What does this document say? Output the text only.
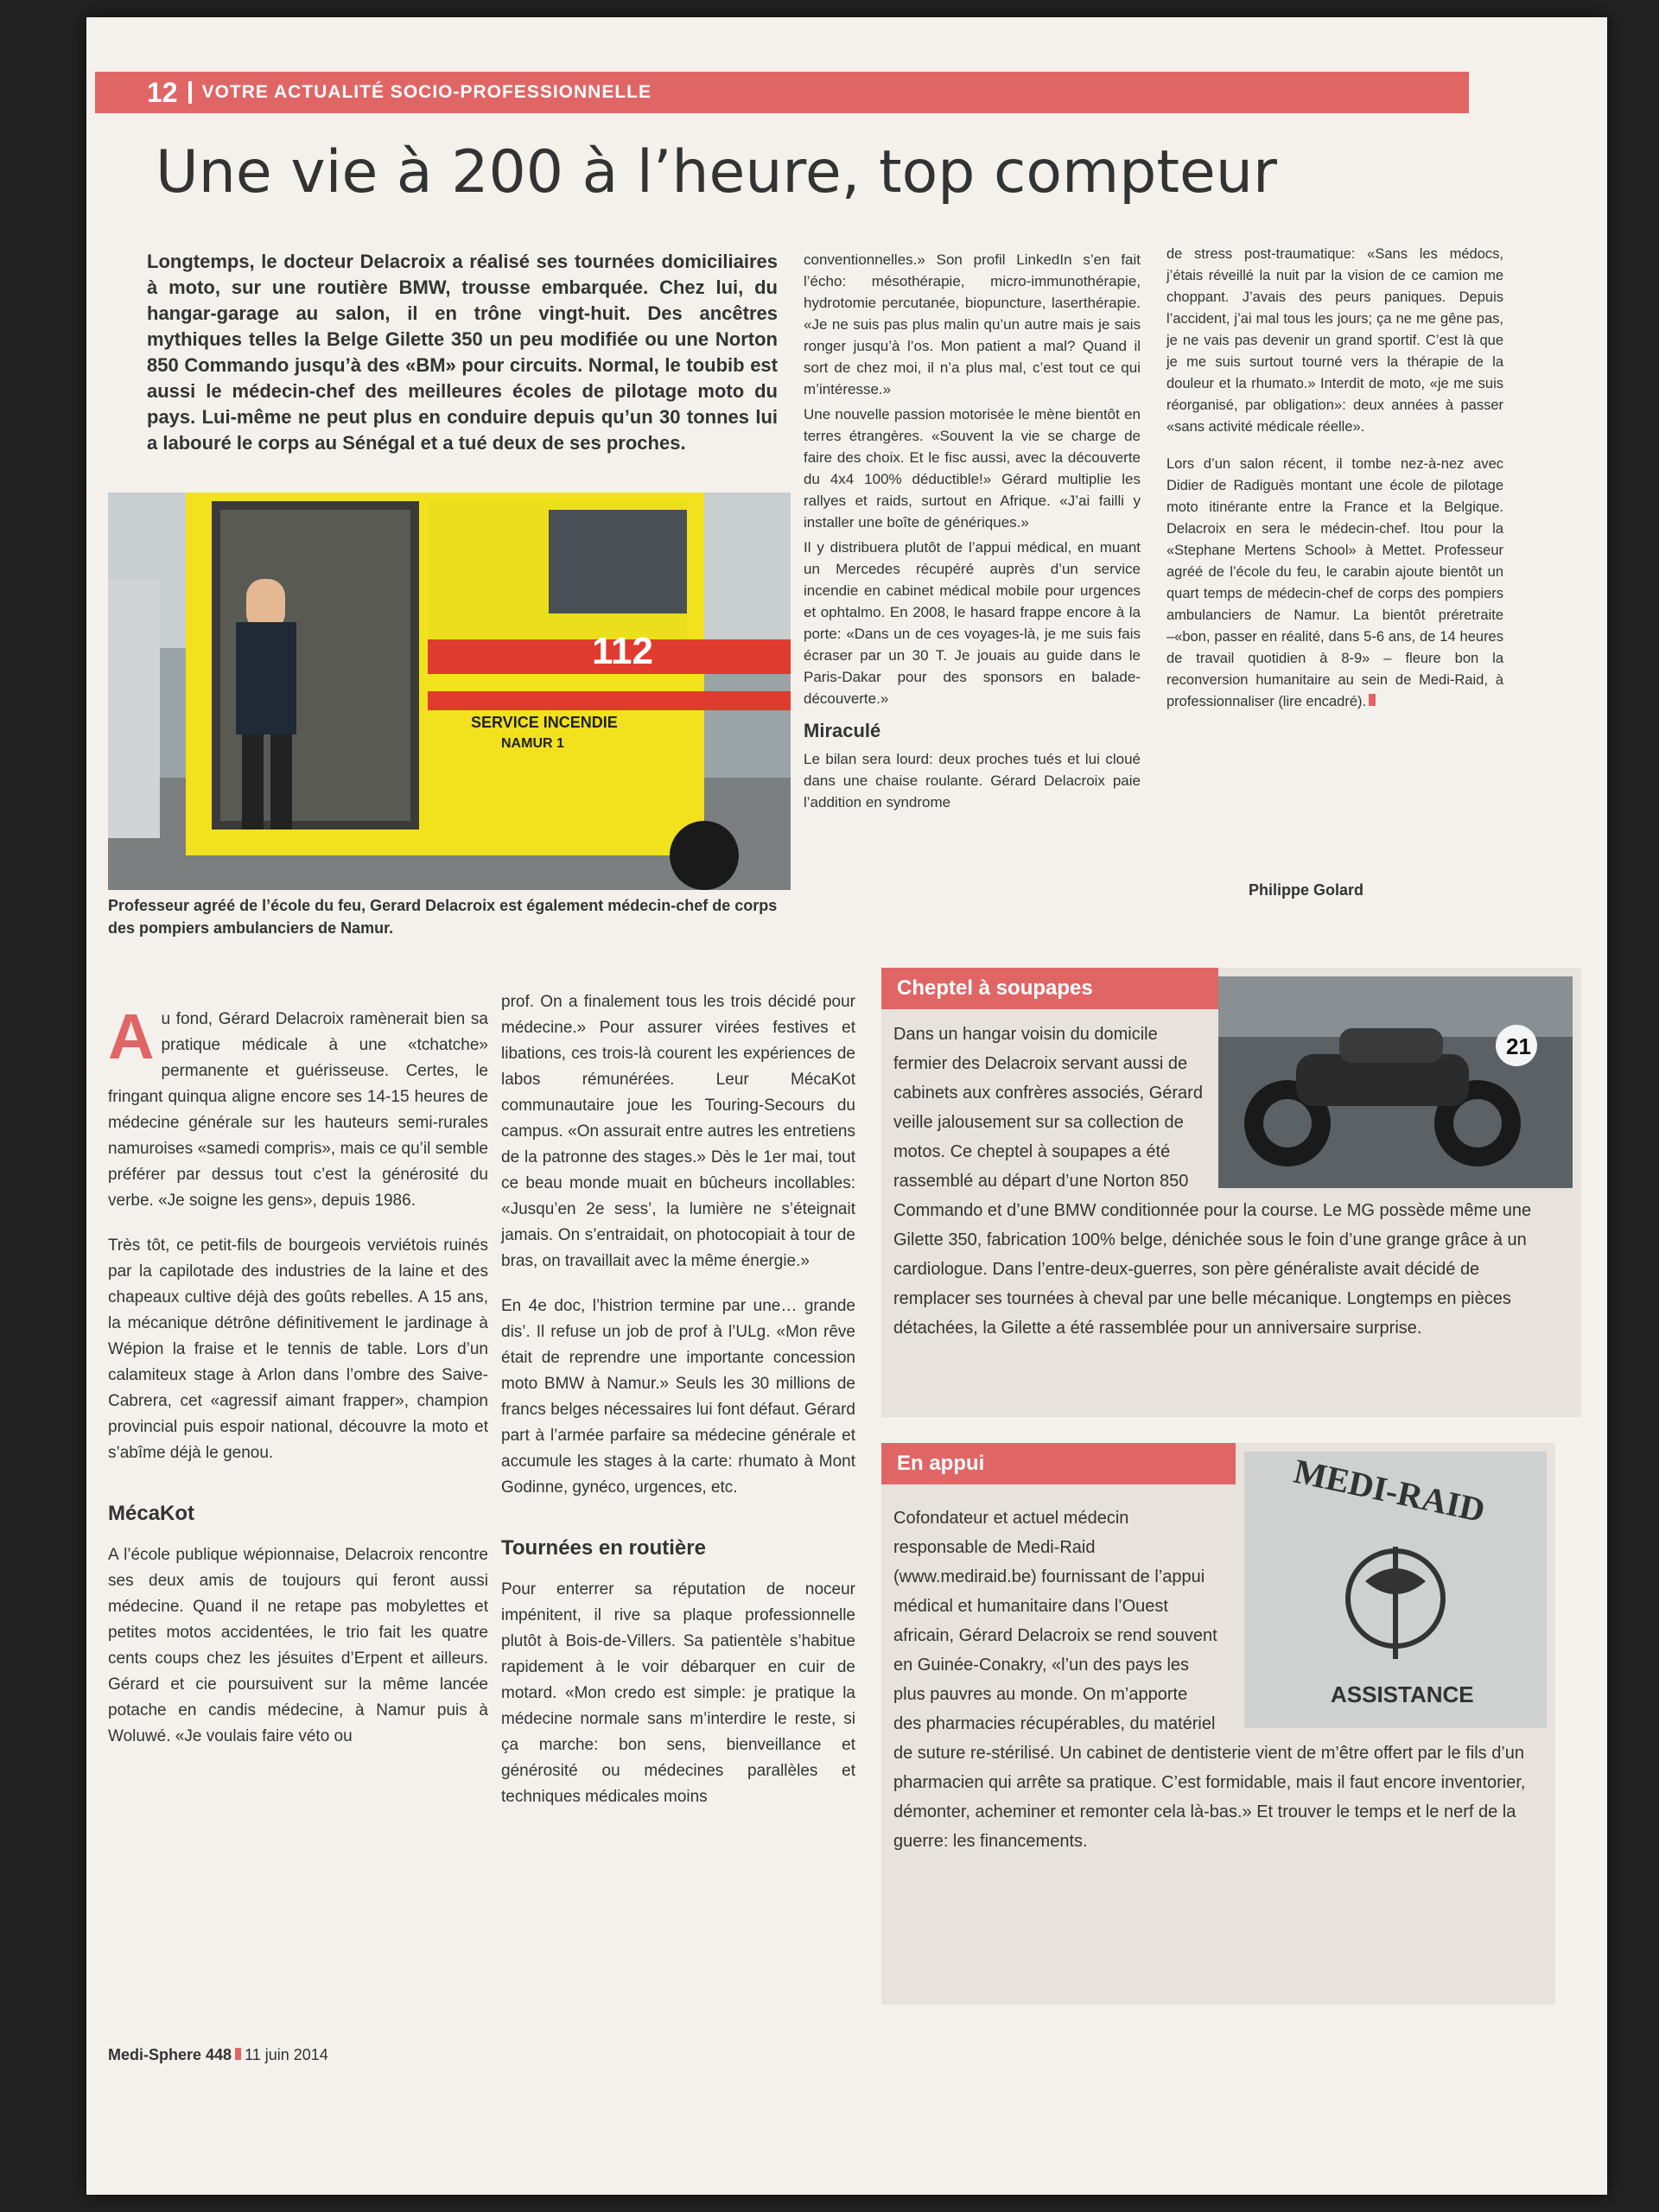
12 VOTRE ACTUALITÉ SOCIO-PROFESSIONNELLE
Une vie à 200 à l’heure, top compteur
Longtemps, le docteur Delacroix a réalisé ses tournées domiciliaires à moto, sur une routière BMW, trousse embarquée. Chez lui, du hangar-garage au salon, il en trône vingt-huit. Des ancêtres mythiques telles la Belge Gilette 350 un peu modifiée ou une Norton 850 Commando jusqu’à des «BM» pour circuits. Normal, le toubib est aussi le médecin-chef des meilleures écoles de pilotage moto du pays. Lui-même ne peut plus en conduire depuis qu’un 30 tonnes lui a labouré le corps au Sénégal et a tué deux de ses proches.
112
SERVICE INCENDIE
NAMUR 1
Professeur agréé de l’école du feu, Gerard Delacroix est également médecin-chef de corps des pompiers ambulanciers de Namur.

conventionnelles.» Son profil LinkedIn s’en fait l’écho: mésothérapie, micro-immunothérapie, hydrotomie percutanée, biopuncture, laserthérapie. «Je ne suis pas plus malin qu’un autre mais je sais ronger jusqu’à l’os. Mon patient a mal? Quand il sort de chez moi, il n’a plus mal, c’est tout ce qui m’intéresse.»

Une nouvelle passion motorisée le mène bientôt en terres étrangères. «Souvent la vie se charge de faire des choix. Et le fisc aussi, avec la découverte du 4x4 100% déductible!» Gérard multiplie les rallyes et raids, surtout en Afrique. «J’ai failli y installer une boîte de génériques.»

Il y distribuera plutôt de l’appui médical, en muant un Mercedes récupéré auprès d’un service incendie en cabinet médical mobile pour urgences et ophtalmo. En 2008, le hasard frappe encore à la porte: «Dans un de ces voyages-là, je me suis fais écraser par un 30 T. Je jouais au guide dans le Paris-Dakar pour des sponsors en balade-découverte.»

Miraculé

Le bilan sera lourd: deux proches tués et lui cloué dans une chaise roulante. Gérard Delacroix paie l’addition en syndrome

de stress post-traumatique: «Sans les médocs, j’étais réveillé la nuit par la vision de ce camion me choppant. J’avais des peurs paniques. Depuis l’accident, j’ai mal tous les jours; ça ne me gêne pas, je ne vais pas devenir un grand sportif. C’est là que je me suis surtout tourné vers la thérapie de la douleur et la rhumato.» Interdit de moto, «je me suis réorganisé, par obligation»: deux années à passer «sans activité médicale réelle».

Lors d’un salon récent, il tombe nez-à-nez avec Didier de Radiguès montant une école de pilotage moto itinérante entre la France et la Belgique. Delacroix en sera le médecin-chef. Itou pour la «Stephane Mertens School» à Mettet. Professeur agréé de l’école du feu, le carabin ajoute bientôt un quart temps de médecin-chef de corps des pompiers ambulanciers de Namur. La bientôt préretraite –«bon, passer en réalité, dans 5-6 ans, de 14 heures de travail quotidien à 8-9» – fleure bon la reconversion humanitaire au sein de Medi-Raid, à professionnaliser (lire encadré).

Philippe Golard

Au fond, Gérard Delacroix ramènerait bien sa pratique médicale à une «tchatche» permanente et guérisseuse. Certes, le fringant quinqua aligne encore ses 14-15 heures de médecine générale sur les hauteurs semi-rurales namuroises «samedi compris», mais ce qu’il semble préférer par dessus tout c’est la générosité du verbe. «Je soigne les gens», depuis 1986.

Très tôt, ce petit-fils de bourgeois verviétois ruinés par la capilotade des industries de la laine et des chapeaux cultive déjà des goûts rebelles. A 15 ans, la mécanique détrône définitivement le jardinage à Wépion la fraise et le tennis de table. Lors d’un calamiteux stage à Arlon dans l’ombre des Saive-Cabrera, cet «agressif aimant frapper», champion provincial puis espoir national, découvre la moto et s’abîme déjà le genou.

MécaKot

A l’école publique wépionnaise, Delacroix rencontre ses deux amis de toujours qui feront aussi médecine. Quand il ne retape pas mobylettes et petites motos accidentées, le trio fait les quatre cents coups chez les jésuites d’Erpent et ailleurs. Gérard et cie poursuivent sur la même lancée potache en candis médecine, à Namur puis à Woluwé. «Je voulais faire véto ou

prof. On a finalement tous les trois décidé pour médecine.» Pour assurer virées festives et libations, ces trois-là courent les expériences de labos rémunérées. Leur MécaKot communautaire joue les Touring-Secours du campus. «On assurait entre autres les entretiens de la patronne des stages.» Dès le 1er mai, tout ce beau monde muait en bûcheurs incollables: «Jusqu’en 2e sess’, la lumière ne s’éteignait jamais. On s’entraidait, on photocopiait à tour de bras, on travaillait avec la même énergie.»

En 4e doc, l’histrion termine par une… grande dis’. Il refuse un job de prof à l’ULg. «Mon rêve était de reprendre une importante concession moto BMW à Namur.» Seuls les 30 millions de francs belges nécessaires lui font défaut. Gérard part à l’armée parfaire sa médecine générale et accumule les stages à la carte: rhumato à Mont Godinne, gynéco, urgences, etc.

Tournées en routière

Pour enterrer sa réputation de noceur impénitent, il rive sa plaque professionnelle plutôt à Bois-de-Villers. Sa patientèle s’habitue rapidement à le voir débarquer en cuir de motard. «Mon credo est simple: je pratique la médecine normale sans m’interdire le reste, si ça marche: bon sens, bienveillance et générosité ou médecines parallèles et techniques médicales moins

Cheptel à soupapes
21
Dans un hangar voisin du domicile fermier des Delacroix servant aussi de cabinets aux confrères associés, Gérard veille jalousement sur sa collection de motos. Ce cheptel à soupapes a été rassemblé au départ d’une Norton 850 Commando et d’une BMW conditionnée pour la course. Le MG possède même une Gilette 350, fabrication 100% belge, dénichée sous le foin d’une grange grâce à un cardiologue. Dans l’entre-deux-guerres, son père généraliste avait décidé de remplacer ses tournées à cheval par une belle mécanique. Longtemps en pièces détachées, la Gilette a été rassemblée pour un anniversaire surprise.
En appui	MEDI-RAID
ASSISTANCE
Cofondateur et actuel médecin responsable de Medi-Raid (www.mediraid.be) fournissant de l’appui médical et humanitaire dans l’Ouest africain, Gérard Delacroix se rend souvent en Guinée-Conakry, «l’un des pays les plus pauvres au monde. On m’apporte des pharmacies récupérables, du matériel de suture re-stérilisé. Un cabinet de dentisterie vient de m’être offert par le fils d’un pharmacien qui arrête sa pratique. C’est formidable, mais il faut encore inventorier, démonter, acheminer et remonter cela là-bas.» Et trouver le temps et le nerf de la guerre: les financements.
Medi-Sphere 448 11 juin 2014
